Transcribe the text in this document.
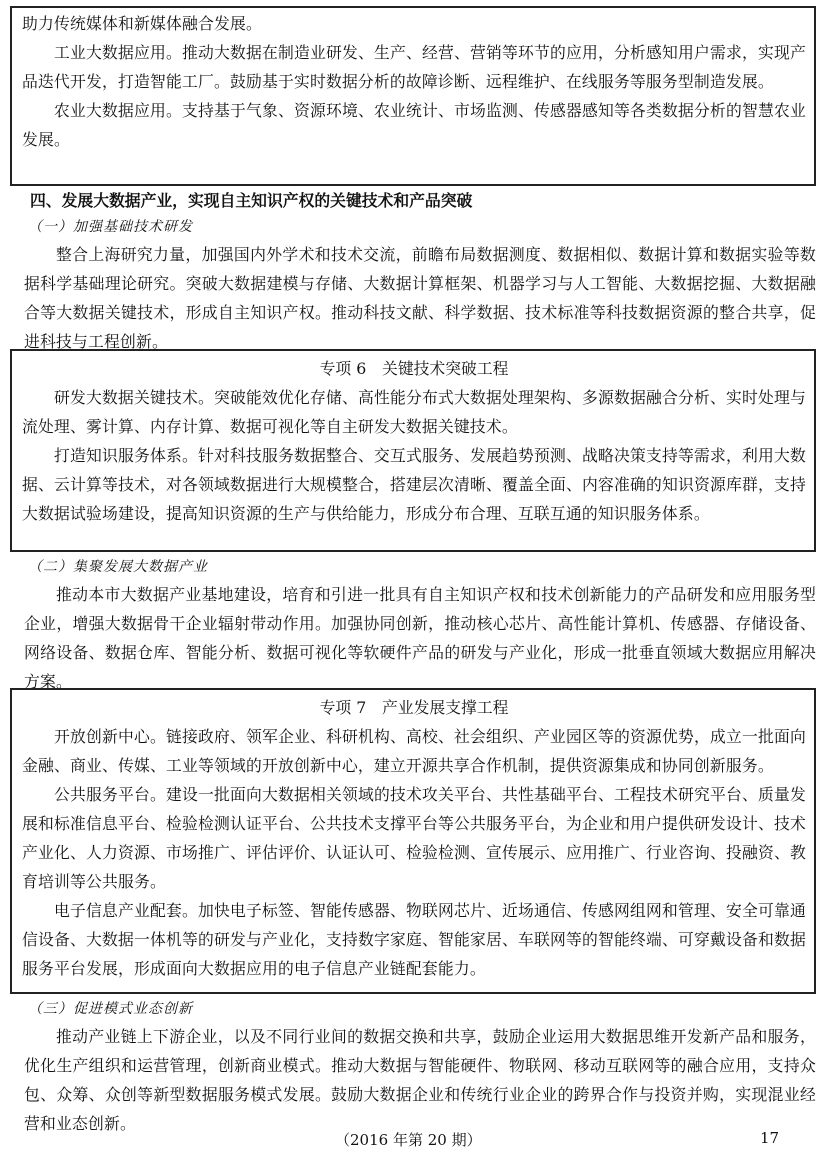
助力传统媒体和新媒体融合发展。

工业大数据应用。推动大数据在制造业研发、生产、经营、营销等环节的应用，分析感知用户需求，实现产品迭代开发，打造智能工厂。鼓励基于实时数据分析的故障诊断、远程维护、在线服务等服务型制造发展。

农业大数据应用。支持基于气象、资源环境、农业统计、市场监测、传感器感知等各类数据分析的智慧农业发展。

四、发展大数据产业，实现自主知识产权的关键技术和产品突破

（一）加强基础技术研发

整合上海研究力量，加强国内外学术和技术交流，前瞻布局数据测度、数据相似、数据计算和数据实验等数据科学基础理论研究。突破大数据建模与存储、大数据计算框架、机器学习与人工智能、大数据挖掘、大数据融合等大数据关键技术，形成自主知识产权。推动科技文献、科学数据、技术标准等科技数据资源的整合共享，促进科技与工程创新。

专项 6　关键技术突破工程

研发大数据关键技术。突破能效优化存储、高性能分布式大数据处理架构、多源数据融合分析、实时处理与流处理、雾计算、内存计算、数据可视化等自主研发大数据关键技术。

打造知识服务体系。针对科技服务数据整合、交互式服务、发展趋势预测、战略决策支持等需求，利用大数据、云计算等技术，对各领域数据进行大规模整合，搭建层次清晰、覆盖全面、内容准确的知识资源库群，支持大数据试验场建设，提高知识资源的生产与供给能力，形成分布合理、互联互通的知识服务体系。

（二）集聚发展大数据产业

推动本市大数据产业基地建设，培育和引进一批具有自主知识产权和技术创新能力的产品研发和应用服务型企业，增强大数据骨干企业辐射带动作用。加强协同创新，推动核心芯片、高性能计算机、传感器、存储设备、网络设备、数据仓库、智能分析、数据可视化等软硬件产品的研发与产业化，形成一批垂直领域大数据应用解决方案。

专项 7　产业发展支撑工程

开放创新中心。链接政府、领军企业、科研机构、高校、社会组织、产业园区等的资源优势，成立一批面向金融、商业、传媒、工业等领域的开放创新中心，建立开源共享合作机制，提供资源集成和协同创新服务。

公共服务平台。建设一批面向大数据相关领域的技术攻关平台、共性基础平台、工程技术研究平台、质量发展和标准信息平台、检验检测认证平台、公共技术支撑平台等公共服务平台，为企业和用户提供研发设计、技术产业化、人力资源、市场推广、评估评价、认证认可、检验检测、宣传展示、应用推广、行业咨询、投融资、教育培训等公共服务。

电子信息产业配套。加快电子标签、智能传感器、物联网芯片、近场通信、传感网组网和管理、安全可靠通信设备、大数据一体机等的研发与产业化，支持数字家庭、智能家居、车联网等的智能终端、可穿戴设备和数据服务平台发展，形成面向大数据应用的电子信息产业链配套能力。

（三）促进模式业态创新

推动产业链上下游企业，以及不同行业间的数据交换和共享，鼓励企业运用大数据思维开发新产品和服务，优化生产组织和运营管理，创新商业模式。推动大数据与智能硬件、物联网、移动互联网等的融合应用，支持众包、众筹、众创等新型数据服务模式发展。鼓励大数据企业和传统行业企业的跨界合作与投资并购，实现混业经营和业态创新。

（2016 年第 20 期）	17
